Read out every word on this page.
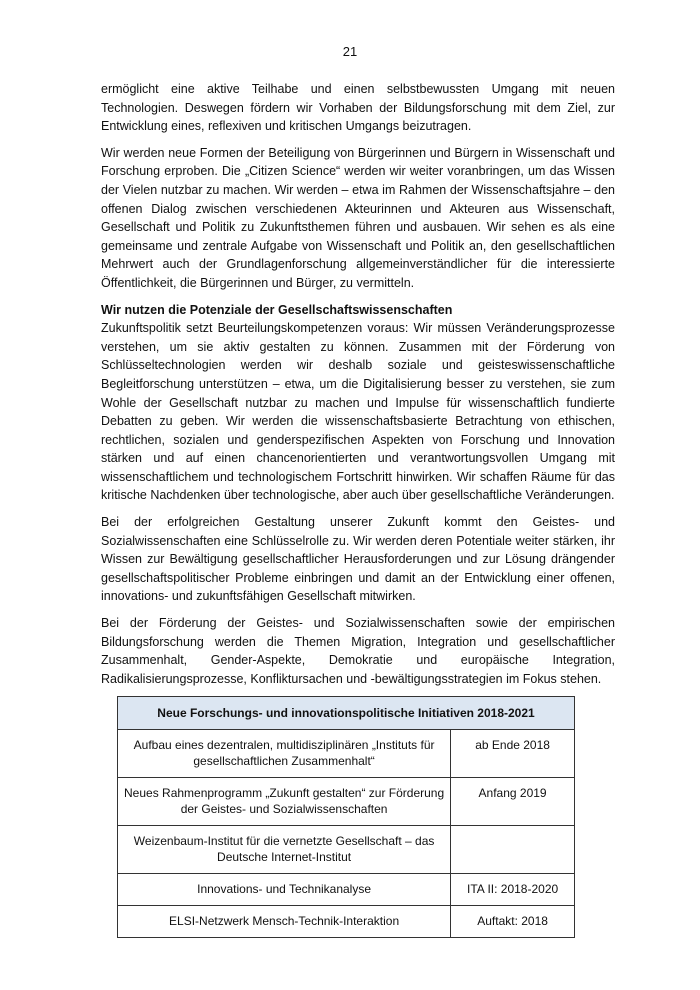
21

ermöglicht eine aktive Teilhabe und einen selbstbewussten Umgang mit neuen Technologien. Deswegen fördern wir Vorhaben der Bildungsforschung mit dem Ziel, zur Entwicklung eines, reflexiven und kritischen Umgangs beizutragen.

Wir werden neue Formen der Beteiligung von Bürgerinnen und Bürgern in Wissenschaft und Forschung erproben. Die „Citizen Science“ werden wir weiter voranbringen, um das Wissen der Vielen nutzbar zu machen. Wir werden – etwa im Rahmen der Wissenschaftsjahre – den offenen Dialog zwischen verschiedenen Akteurinnen und Akteuren aus Wissenschaft, Gesellschaft und Politik zu Zukunftsthemen führen und ausbauen. Wir sehen es als eine gemeinsame und zentrale Aufgabe von Wissenschaft und Politik an, den gesellschaftlichen Mehrwert auch der Grundlagenforschung allgemeinverständlicher für die interessierte Öffentlichkeit, die Bürgerinnen und Bürger, zu vermitteln.

Wir nutzen die Potenziale der Gesellschaftswissenschaften

Zukunftspolitik setzt Beurteilungskompetenzen voraus: Wir müssen Veränderungsprozesse verstehen, um sie aktiv gestalten zu können. Zusammen mit der Förderung von Schlüsseltechnologien werden wir deshalb soziale und geisteswissenschaftliche Begleitforschung unterstützen – etwa, um die Digitalisierung besser zu verstehen, sie zum Wohle der Gesellschaft nutzbar zu machen und Impulse für wissenschaftlich fundierte Debatten zu geben. Wir werden die wissenschaftsbasierte Betrachtung von ethischen, rechtlichen, sozialen und genderspezifischen Aspekten von Forschung und Innovation stärken und auf einen chancenorientierten und verantwortungsvollen Umgang mit wissenschaftlichem und technologischem Fortschritt hinwirken. Wir schaffen Räume für das kritische Nachdenken über technologische, aber auch über gesellschaftliche Veränderungen.

Bei der erfolgreichen Gestaltung unserer Zukunft kommt den Geistes- und Sozialwissenschaften eine Schlüsselrolle zu. Wir werden deren Potentiale weiter stärken, ihr Wissen zur Bewältigung gesellschaftlicher Herausforderungen und zur Lösung drängender gesellschaftspolitischer Probleme einbringen und damit an der Entwicklung einer offenen, innovations- und zukunftsfähigen Gesellschaft mitwirken.

Bei der Förderung der Geistes- und Sozialwissenschaften sowie der empirischen Bildungsforschung werden die Themen Migration, Integration und gesellschaftlicher Zusammenhalt, Gender-Aspekte, Demokratie und europäische Integration, Radikalisierungsprozesse, Konfliktursachen und -bewältigungsstrategien im Fokus stehen.

Neue Forschungs- und innovationspolitische Initiativen 2018-2021	
Aufbau eines dezentralen, multidisziplinären „Instituts für gesellschaftlichen Zusammenhalt“	ab Ende 2018
Neues Rahmenprogramm „Zukunft gestalten“ zur Förderung der Geistes- und Sozialwissenschaften	Anfang 2019
Weizenbaum-Institut für die vernetzte Gesellschaft – das Deutsche Internet-Institut	
Innovations- und Technikanalyse	ITA II: 2018-2020
ELSI-Netzwerk Mensch-Technik-Interaktion	Auftakt: 2018
